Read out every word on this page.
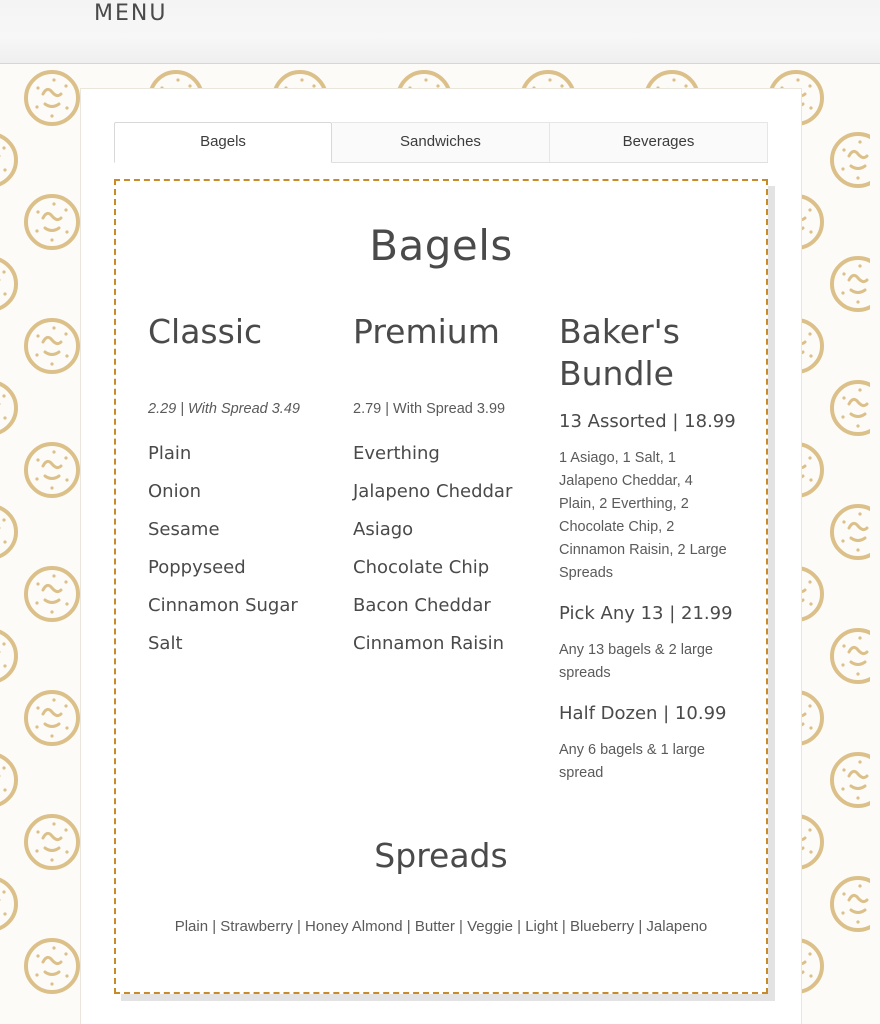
MENU
Bagels	Sandwiches	Beverages
Bagels
Classic
2.29 | With Spread 3.49
Plain
Onion
Sesame
Poppyseed
Cinnamon Sugar
Salt
Premium
2.79 | With Spread 3.99
Everthing
Jalapeno Cheddar
Asiago
Chocolate Chip
Bacon Cheddar
Cinnamon Raisin
Baker's Bundle
13 Assorted | 18.99
1 Asiago, 1 Salt, 1 Jalapeno Cheddar, 4 Plain, 2 Everthing, 2 Chocolate Chip, 2 Cinnamon Raisin, 2 Large Spreads
Pick Any 13 | 21.99
Any 13 bagels & 2 large spreads
Half Dozen | 10.99
Any 6 bagels & 1 large spread
Spreads
Plain | Strawberry | Honey Almond | Butter | Veggie | Light | Blueberry | Jalapeno
